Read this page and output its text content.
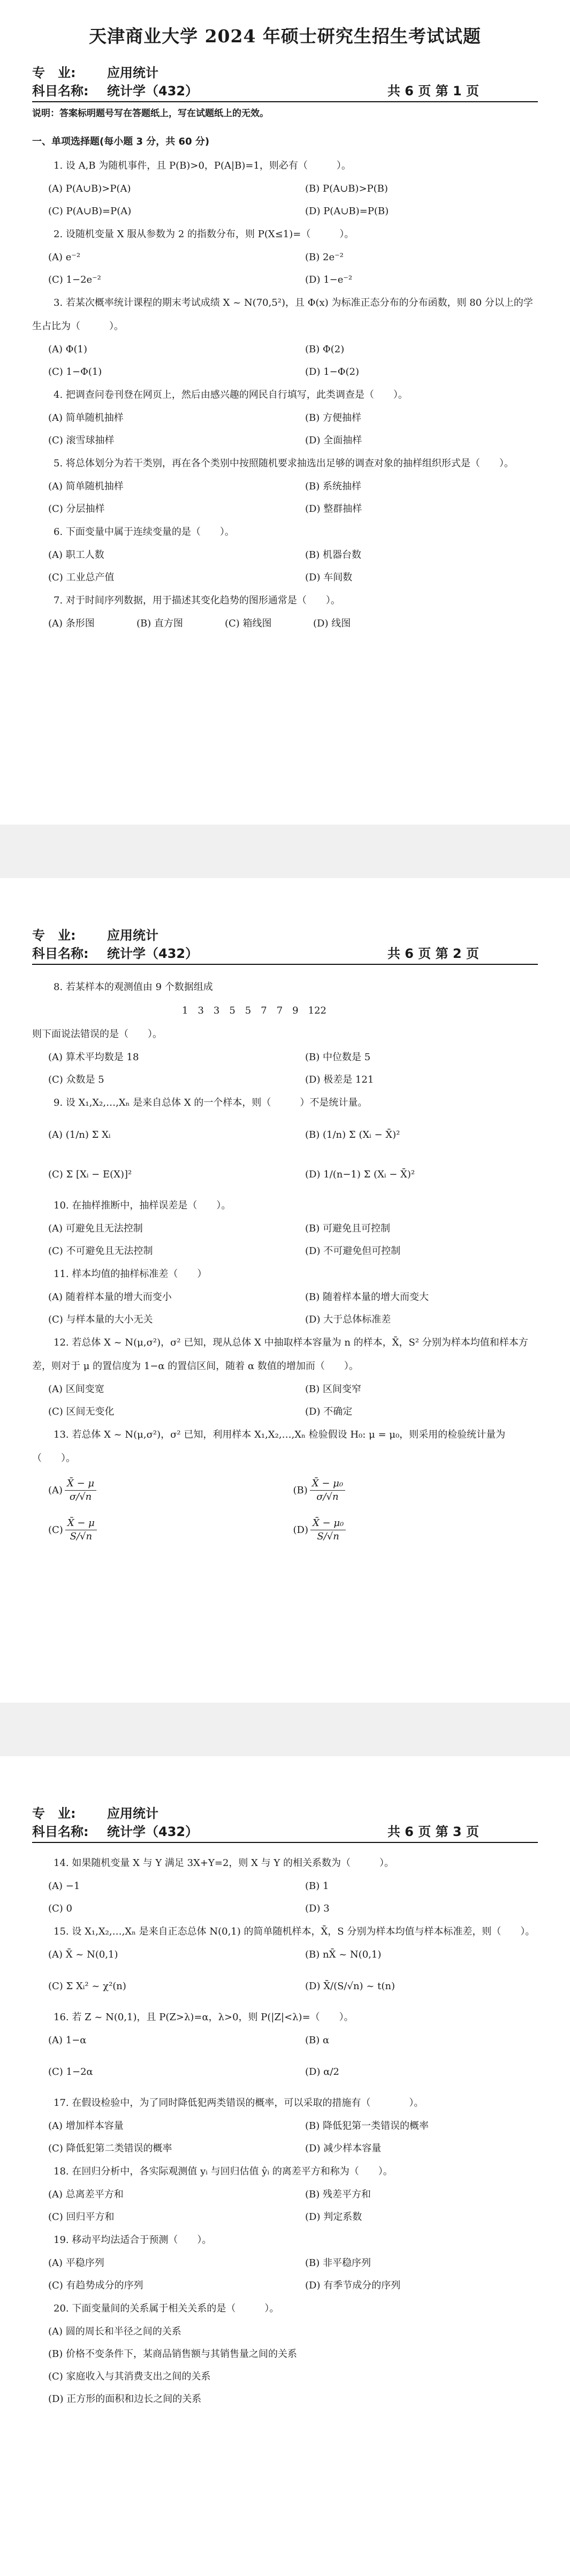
天津商业大学 2024 年硕士研究生招生考试试题
专　业: 应用统计
科目名称: 统计学（432）	共 6 页 第 1 页
说明：答案标明题号写在答题纸上，写在试题纸上的无效。
一、单项选择题(每小题 3 分，共 60 分)
1. 设 A,B 为随机事件，且 P(B)>0，P(A|B)=1，则必有（　　　）。
(A) P(A∪B)>P(A)	(B) P(A∪B)>P(B)
(C) P(A∪B)=P(A)	(D) P(A∪B)=P(B)
2. 设随机变量 X 服从参数为 2 的指数分布，则 P(X≤1)=（　　　）。
(A) e⁻²	(B) 2e⁻²
(C) 1−2e⁻²	(D) 1−e⁻²
3. 若某次概率统计课程的期末考试成绩 X ~ N(70,5²)，且 Φ(x) 为标准正态分布的分布函数，则 80 分以上的学生占比为（　　　）。
(A) Φ(1)	(B) Φ(2)
(C) 1−Φ(1)	(D) 1−Φ(2)
4. 把调查问卷刊登在网页上，然后由感兴趣的网民自行填写，此类调查是（　　）。
(A) 简单随机抽样	(B) 方便抽样
(C) 滚雪球抽样	(D) 全面抽样
5. 将总体划分为若干类别，再在各个类别中按照随机要求抽选出足够的调查对象的抽样组织形式是（　　）。
(A) 简单随机抽样	(B) 系统抽样
(C) 分层抽样	(D) 整群抽样
6. 下面变量中属于连续变量的是（　　）。
(A) 职工人数	(B) 机器台数
(C) 工业总产值	(D) 车间数
7. 对于时间序列数据，用于描述其变化趋势的图形通常是（　　）。
(A) 条形图	(B) 直方图	(C) 箱线图	(D) 线图
专　业: 应用统计
科目名称: 统计学（432）	共 6 页 第 2 页
8. 若某样本的观测值由 9 个数据组成
1　3　3　5　5　7　7　9　122
则下面说法错误的是（　　）。
(A) 算术平均数是 18	(B) 中位数是 5
(C) 众数是 5	(D) 极差是 121
9. 设 X₁,X₂,…,Xₙ 是来自总体 X 的一个样本，则（　　　）不是统计量。
(A) (1/n) Σ Xᵢ	(B) (1/n) Σ (Xᵢ − X̄)²
(C) Σ [Xᵢ − E(X)]²	(D) 1/(n−1) Σ (Xᵢ − X̄)²
10. 在抽样推断中，抽样误差是（　　）。
(A) 可避免且无法控制	(B) 可避免且可控制
(C) 不可避免且无法控制	(D) 不可避免但可控制
11. 样本均值的抽样标准差（　　）
(A) 随着样本量的增大而变小	(B) 随着样本量的增大而变大
(C) 与样本量的大小无关	(D) 大于总体标准差
12. 若总体 X ~ N(μ,σ²)，σ² 已知，现从总体 X 中抽取样本容量为 n 的样本，X̄，S² 分别为样本均值和样本方差，则对于 μ 的置信度为 1−α 的置信区间，随着 α 数值的增加而（　　）。
(A) 区间变宽	(B) 区间变窄
(C) 区间无变化	(D) 不确定
13. 若总体 X ~ N(μ,σ²)，σ² 已知，利用样本 X₁,X₂,…,Xₙ 检验假设 H₀: μ = μ₀，则采用的检验统计量为（　　）。
$(A) \frac{X̄ - \mu}{\sigma/√n}$	$(B) \frac{\text{X̄ − μ₀}}{\sigma/√n}$
$(C) \frac{X̄ - \mu}{S/√n}$	$(D) \frac{\text{X̄ − μ₀}}{S/√n}$
专　业: 应用统计
科目名称: 统计学（432）	共 6 页 第 3 页
14. 如果随机变量 X 与 Y 满足 3X+Y=2，则 X 与 Y 的相关系数为（　　　）。
(A) −1	(B) 1
(C) 0	(D) 3
15. 设 X₁,X₂,…,Xₙ 是来自正态总体 N(0,1) 的简单随机样本，X̄，S 分别为样本均值与样本标准差，则（　　）。
(A) X̄ ~ N(0,1)	(B) nX̄ ~ N(0,1)
(C) Σ Xᵢ² ~ χ²(n)	(D) X̄/(S/√n) ~ t(n)
16. 若 Z ~ N(0,1)，且 P(Z>λ)=α，λ>0，则 P(|Z|<λ)=（　　）。
(A) 1−α	(B) α
(C) 1−2α	(D) α/2
17. 在假设检验中，为了同时降低犯两类错误的概率，可以采取的措施有（　　　　）。
(A) 增加样本容量	(B) 降低犯第一类错误的概率
(C) 降低犯第二类错误的概率	(D) 减少样本容量
18. 在回归分析中，各实际观测值 yᵢ 与回归估值 ŷᵢ 的离差平方和称为（　　）。
(A) 总离差平方和	(B) 残差平方和
(C) 回归平方和	(D) 判定系数
19. 移动平均法适合于预测（　　）。
(A) 平稳序列	(B) 非平稳序列
(C) 有趋势成分的序列	(D) 有季节成分的序列
20. 下面变量间的关系属于相关关系的是（　　　）。
(A) 圆的周长和半径之间的关系
(B) 价格不变条件下，某商品销售额与其销售量之间的关系
(C) 家庭收入与其消费支出之间的关系
(D) 正方形的面积和边长之间的关系
